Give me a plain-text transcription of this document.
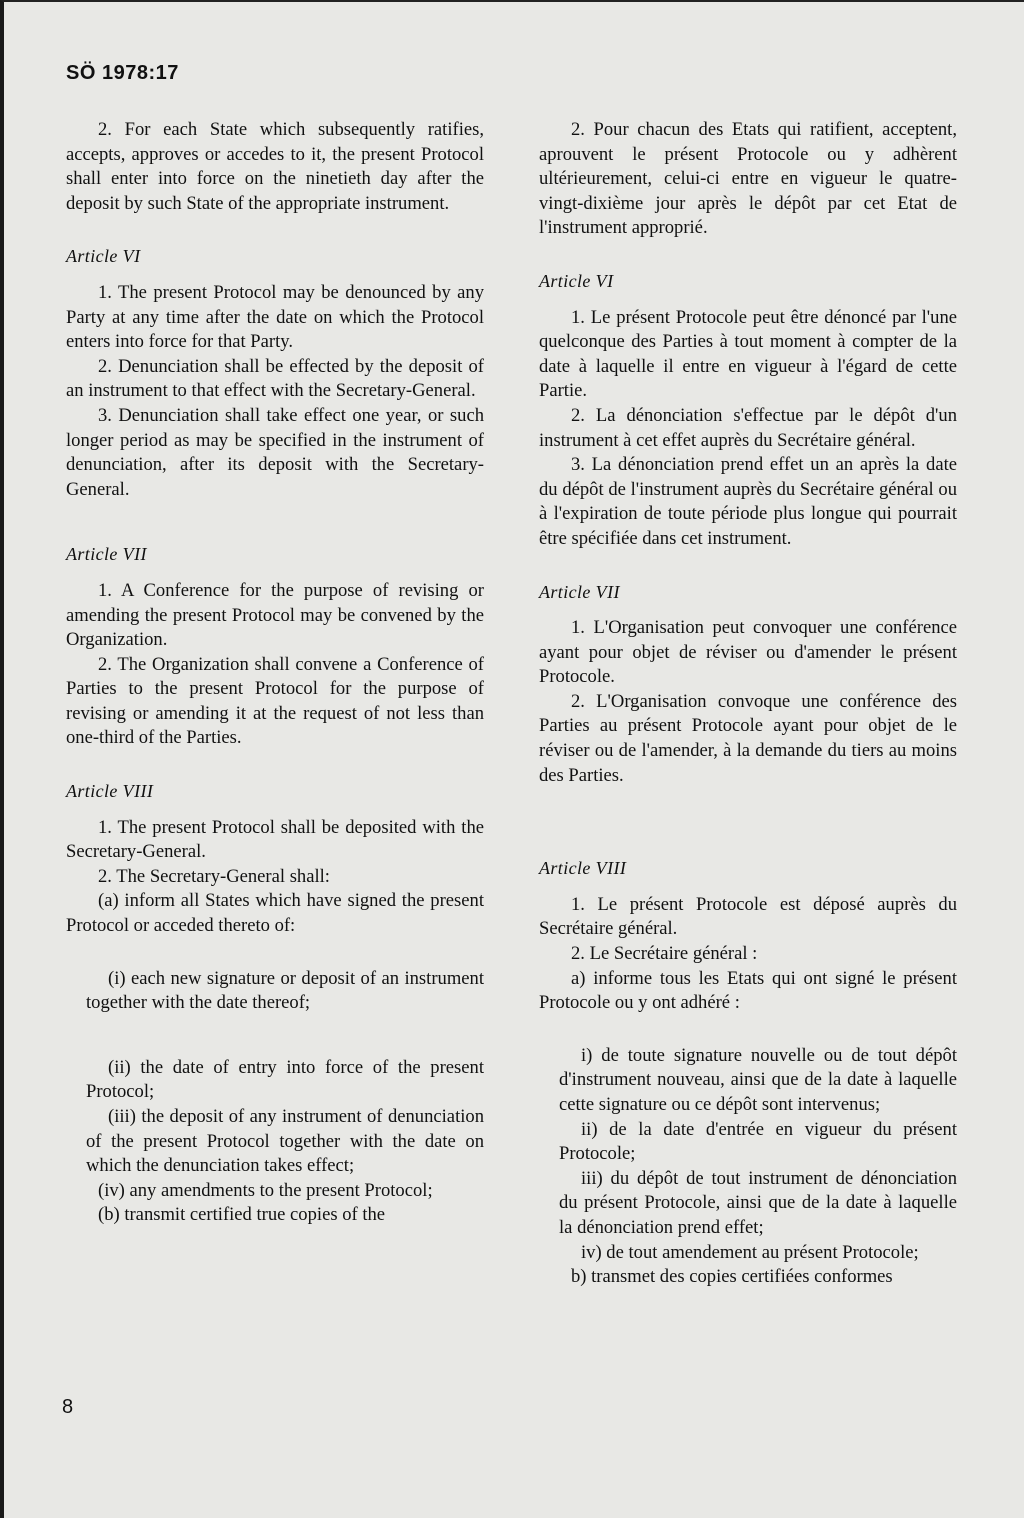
SÖ 1978:17

2. For each State which subsequently ratifies, accepts, approves or accedes to it, the present Protocol shall enter into force on the ninetieth day after the deposit by such State of the appropriate instrument.

Article VI

1. The present Protocol may be denounced by any Party at any time after the date on which the Protocol enters into force for that Party.

2. Denunciation shall be effected by the deposit of an instrument to that effect with the Secretary-General.

3. Denunciation shall take effect one year, or such longer period as may be specified in the instrument of denunciation, after its deposit with the Secretary-General.

Article VII

1. A Conference for the purpose of revising or amending the present Protocol may be convened by the Organization.

2. The Organization shall convene a Conference of Parties to the present Protocol for the purpose of revising or amending it at the request of not less than one-third of the Parties.

Article VIII

1. The present Protocol shall be deposited with the Secretary-General.

2. The Secretary-General shall:

(a) inform all States which have signed the present Protocol or acceded thereto of:

(i) each new signature or deposit of an instrument together with the date thereof;

(ii) the date of entry into force of the present Protocol;

(iii) the deposit of any instrument of denunciation of the present Protocol together with the date on which the denunciation takes effect;

(iv) any amendments to the present Protocol;

(b) transmit certified true copies of the

2. Pour chacun des Etats qui ratifient, acceptent, aprouvent le présent Protocole ou y adhèrent ultérieurement, celui-ci entre en vigueur le quatre-vingt-dixième jour après le dépôt par cet Etat de l'instrument approprié.

Article VI

1. Le présent Protocole peut être dénoncé par l'une quelconque des Parties à tout moment à compter de la date à laquelle il entre en vigueur à l'égard de cette Partie.

2. La dénonciation s'effectue par le dépôt d'un instrument à cet effet auprès du Secrétaire général.

3. La dénonciation prend effet un an après la date du dépôt de l'instrument auprès du Secrétaire général ou à l'expiration de toute période plus longue qui pourrait être spécifiée dans cet instrument.

Article VII

1. L'Organisation peut convoquer une conférence ayant pour objet de réviser ou d'amender le présent Protocole.

2. L'Organisation convoque une conférence des Parties au présent Protocole ayant pour objet de le réviser ou de l'amender, à la demande du tiers au moins des Parties.

Article VIII

1. Le présent Protocole est déposé auprès du Secrétaire général.

2. Le Secrétaire général :

a) informe tous les Etats qui ont signé le présent Protocole ou y ont adhéré :

i) de toute signature nouvelle ou de tout dépôt d'instrument nouveau, ainsi que de la date à laquelle cette signature ou ce dépôt sont intervenus;

ii) de la date d'entrée en vigueur du présent Protocole;

iii) du dépôt de tout instrument de dénonciation du présent Protocole, ainsi que de la date à laquelle la dénonciation prend effet;

iv) de tout amendement au présent Protocole;

b) transmet des copies certifiées conformes

8
